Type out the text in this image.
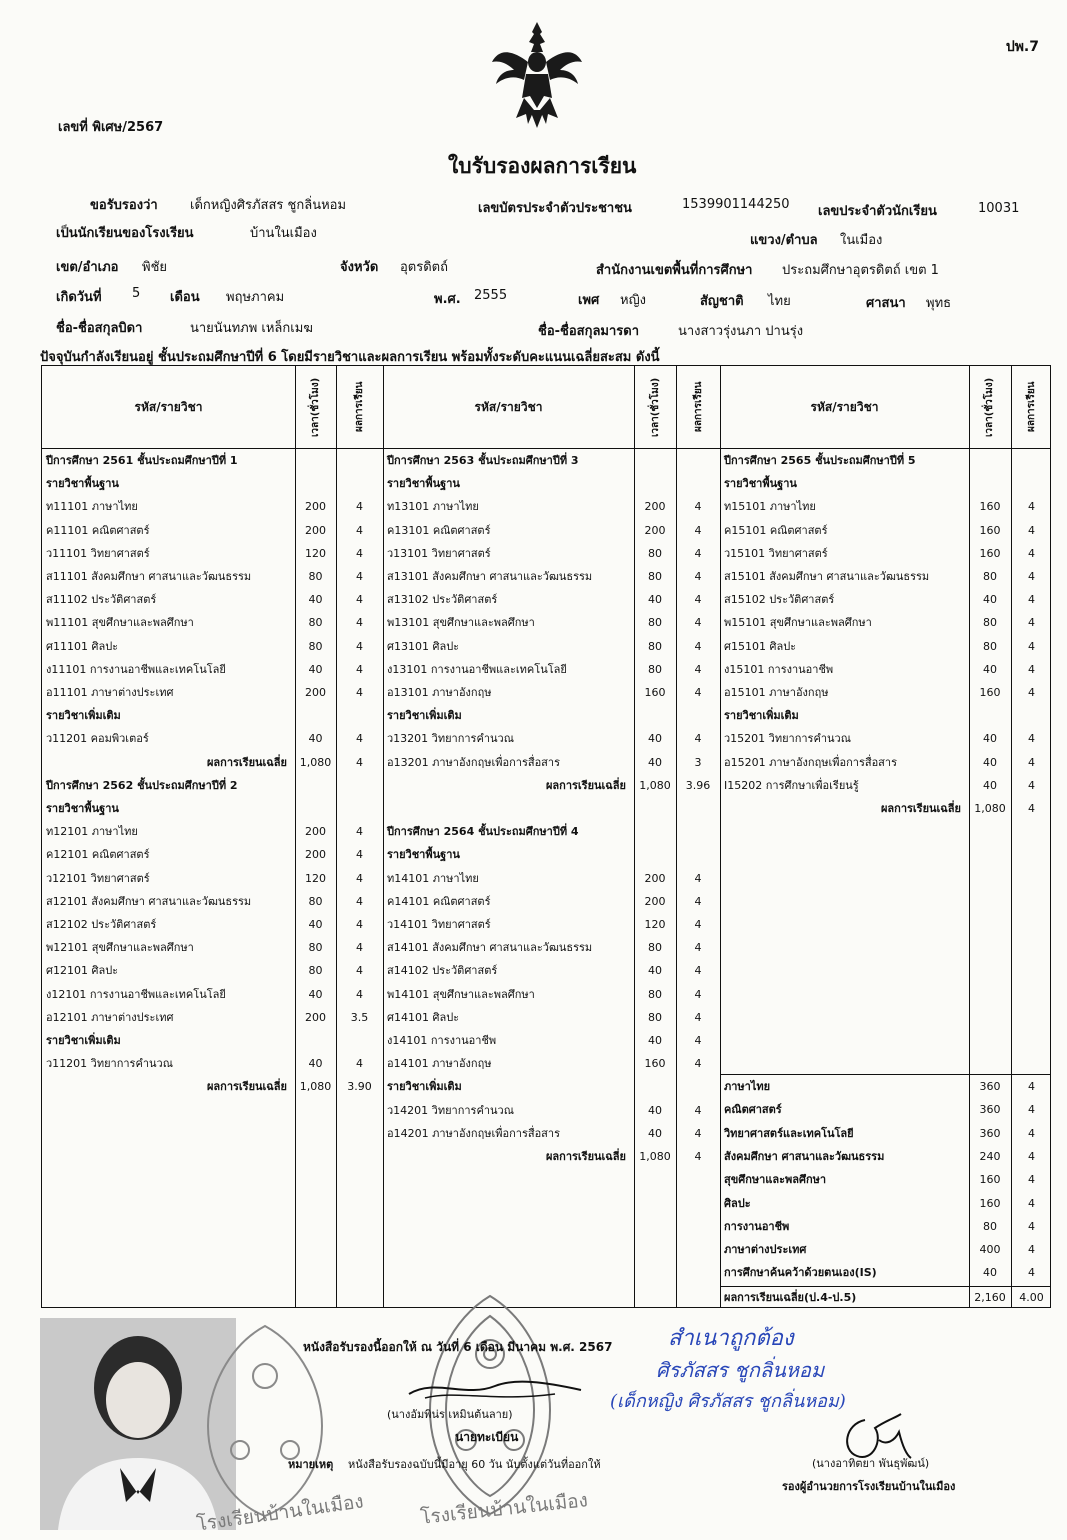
ปพ.7
เลขที่ พิเศษ/2567
ใบรับรองผลการเรียน
ขอรับรองว่า เด็กหญิงศิรภัสสร ชูกลิ่นหอม	เลขบัตรประจำตัวประชาชน	1539901144250 เลขประจำตัวนักเรียน	10031
เป็นนักเรียนของโรงเรียน	บ้านในเมือง	แขวง/ตำบล ในเมือง
เขต/อำเภอ พิชัย	จังหวัด อุตรดิตถ์	สำนักงานเขตพื้นที่การศึกษา ประถมศึกษาอุตรดิตถ์ เขต 1
เกิดวันที่ 5 เดือน พฤษภาคม	พ.ศ. 2555	เพศ หญิง	สัญชาติ ไทย	ศาสนา พุทธ
ชื่อ-ชื่อสกุลบิดา	นายนันทภพ เหล็กเมฆ	ชื่อ-ชื่อสกุลมารดา	นางสาวรุ่งนภา ปานรุ่ง
ปัจจุบันกำลังเรียนอยู่ ชั้นประถมศึกษาปีที่ 6 โดยมีรายวิชาและผลการเรียน พร้อมทั้งระดับคะแนนเฉลี่ยสะสม ดังนี้
รหัส/รายวิชา	เวลา(ชั่วโมง)	ผลการเรียน	รหัส/รายวิชา	เวลา(ชั่วโมง)	ผลการเรียน	รหัส/รายวิชา	เวลา(ชั่วโมง)	ผลการเรียน
ปีการศึกษา 2561 ชั้นประถมศึกษาปีที่ 1
รายวิชาพื้นฐาน
ท11101 ภาษาไทย	200	4
ค11101 คณิตศาสตร์	200	4
ว11101 วิทยาศาสตร์	120	4
ส11101 สังคมศึกษา ศาสนาและวัฒนธรรม	80	4
ส11102 ประวัติศาสตร์	40	4
พ11101 สุขศึกษาและพลศึกษา	80	4
ศ11101 ศิลปะ	80	4
ง11101 การงานอาชีพและเทคโนโลยี	40	4
อ11101 ภาษาต่างประเทศ	200	4
รายวิชาเพิ่มเติม
ว11201 คอมพิวเตอร์	40	4
ผลการเรียนเฉลี่ย	1,080	4
ปีการศึกษา 2562 ชั้นประถมศึกษาปีที่ 2
รายวิชาพื้นฐาน
ท12101 ภาษาไทย	200	4
ค12101 คณิตศาสตร์	200	4
ว12101 วิทยาศาสตร์	120	4
ส12101 สังคมศึกษา ศาสนาและวัฒนธรรม	80	4
ส12102 ประวัติศาสตร์	40	4
พ12101 สุขศึกษาและพลศึกษา	80	4
ศ12101 ศิลปะ	80	4
ง12101 การงานอาชีพและเทคโนโลยี	40	4
อ12101 ภาษาต่างประเทศ	200	3.5
รายวิชาเพิ่มเติม
ว11201 วิทยาการคำนวณ	40	4
ผลการเรียนเฉลี่ย	1,080	3.90
ปีการศึกษา 2563 ชั้นประถมศึกษาปีที่ 3
รายวิชาพื้นฐาน
ท13101 ภาษาไทย	200	4
ค13101 คณิตศาสตร์	200	4
ว13101 วิทยาศาสตร์	80	4
ส13101 สังคมศึกษา ศาสนาและวัฒนธรรม	80	4
ส13102 ประวัติศาสตร์	40	4
พ13101 สุขศึกษาและพลศึกษา	80	4
ศ13101 ศิลปะ	80	4
ง13101 การงานอาชีพและเทคโนโลยี	80	4
อ13101 ภาษาอังกฤษ	160	4
รายวิชาเพิ่มเติม
ว13201 วิทยาการคำนวณ	40	4
อ13201 ภาษาอังกฤษเพื่อการสื่อสาร	40	3
ผลการเรียนเฉลี่ย	1,080	3.96
ปีการศึกษา 2564 ชั้นประถมศึกษาปีที่ 4
รายวิชาพื้นฐาน
ท14101 ภาษาไทย	200	4
ค14101 คณิตศาสตร์	200	4
ว14101 วิทยาศาสตร์	120	4
ส14101 สังคมศึกษา ศาสนาและวัฒนธรรม	80	4
ส14102 ประวัติศาสตร์	40	4
พ14101 สุขศึกษาและพลศึกษา	80	4
ศ14101 ศิลปะ	80	4
ง14101 การงานอาชีพ	40	4
อ14101 ภาษาอังกฤษ	160	4
รายวิชาเพิ่มเติม
ว14201 วิทยาการคำนวณ	40	4
อ14201 ภาษาอังกฤษเพื่อการสื่อสาร	40	4
ผลการเรียนเฉลี่ย	1,080	4
ปีการศึกษา 2565 ชั้นประถมศึกษาปีที่ 5
รายวิชาพื้นฐาน
ท15101 ภาษาไทย	160	4
ค15101 คณิตศาสตร์	160	4
ว15101 วิทยาศาสตร์	160	4
ส15101 สังคมศึกษา ศาสนาและวัฒนธรรม	80	4
ส15102 ประวัติศาสตร์	40	4
พ15101 สุขศึกษาและพลศึกษา	80	4
ศ15101 ศิลปะ	80	4
ง15101 การงานอาชีพ	40	4
อ15101 ภาษาอังกฤษ	160	4
รายวิชาเพิ่มเติม
ว15201 วิทยาการคำนวณ	40	4
อ15201 ภาษาอังกฤษเพื่อการสื่อสาร	40	4
I15202 การศึกษาเพื่อเรียนรู้	40	4
ผลการเรียนเฉลี่ย	1,080	4
ภาษาไทย	360	4
คณิตศาสตร์	360	4
วิทยาศาสตร์และเทคโนโลยี	360	4
สังคมศึกษา ศาสนาและวัฒนธรรม	240	4
สุขศึกษาและพลศึกษา	160	4
ศิลปะ	160	4
การงานอาชีพ	80	4
ภาษาต่างประเทศ	400	4
การศึกษาค้นคว้าด้วยตนเอง(IS)	40	4
ผลการเรียนเฉลี่ย(ป.4-ป.5)	2,160	4.00
โรงเรียนบ้านในเมือง	โรงเรียนบ้านในเมือง
หนังสือรับรองนี้ออกให้ ณ วันที่ 6 เดือน มีนาคม พ.ศ. 2567
(นางอัมพิน่ร เหมินต้นลาย)
นายทะเบียน
หมายเหตุ หนังสือรับรองฉบับนี้มีอายุ 60 วัน นับตั้งแต่วันที่ออกให้
สำเนาถูกต้อง
ศิรภัสสร ชูกลิ่นหอม
(เด็กหญิง ศิรภัสสร ชูกลิ่นหอม)
(นางอาทิตยา พันธุพัฒน์)
รองผู้อำนวยการโรงเรียนบ้านในเมือง
